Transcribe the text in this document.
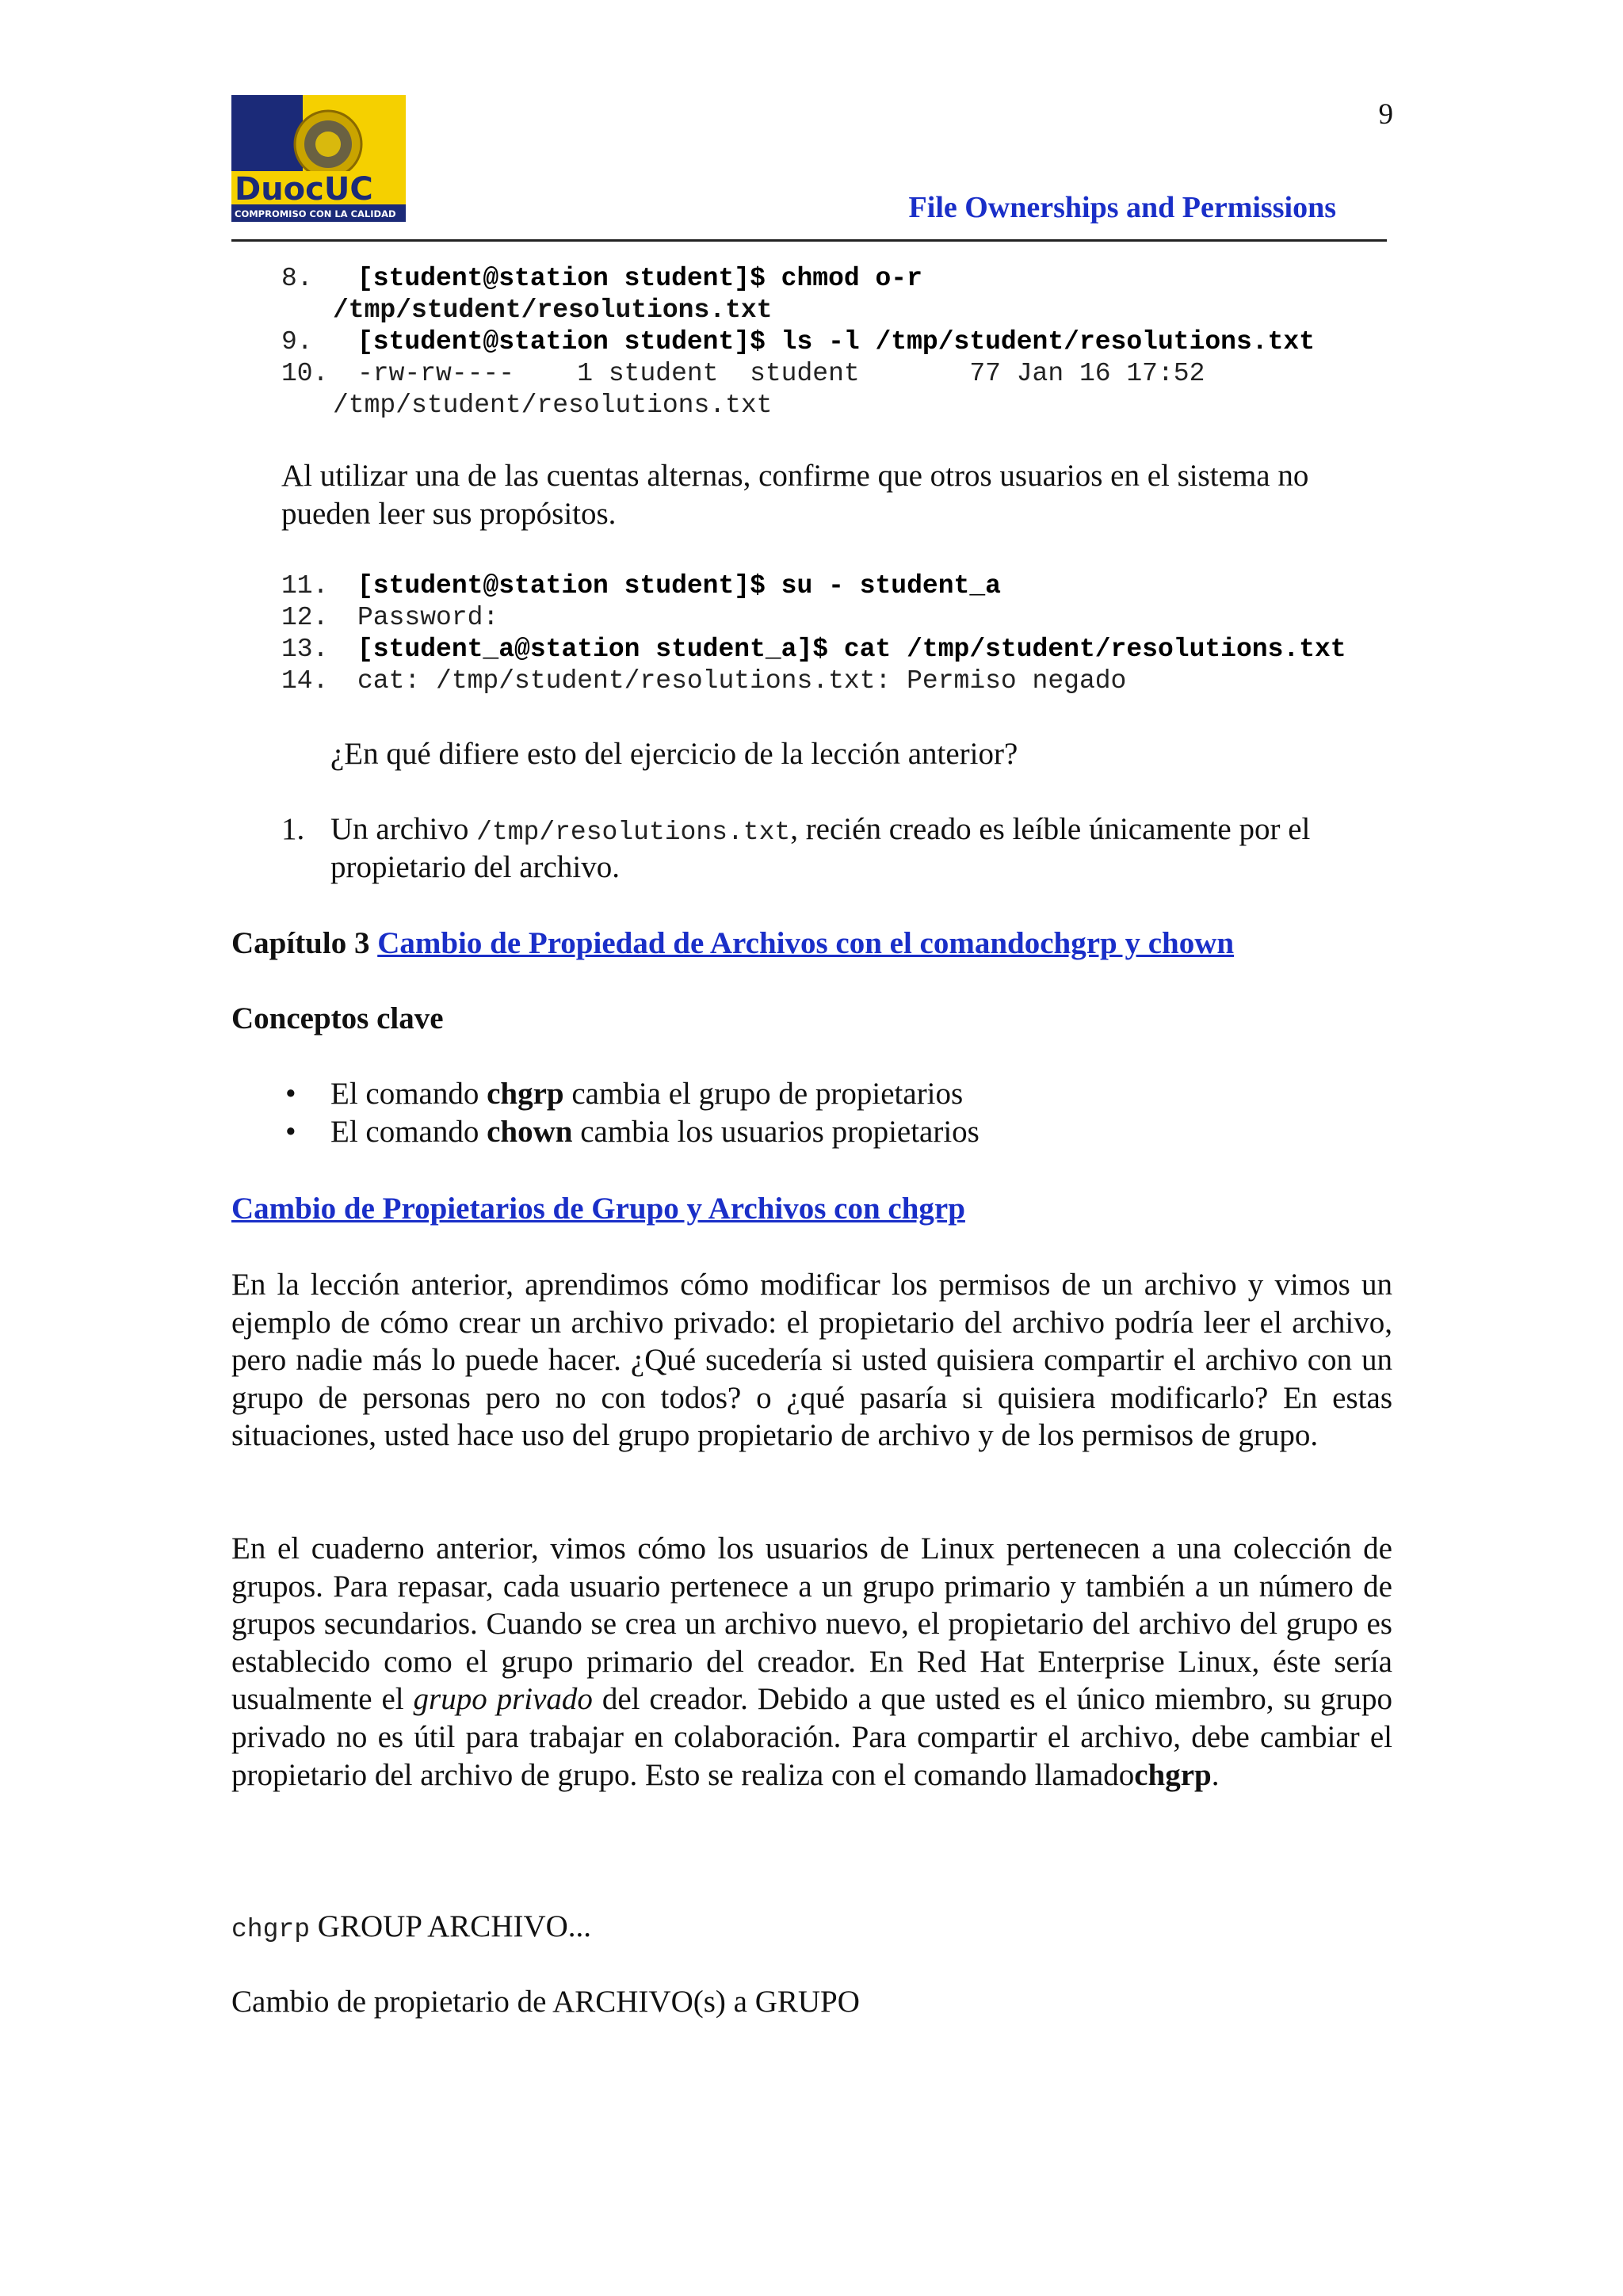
DuocUC
COMPROMISO CON LA CALIDAD
9
File Ownerships and Permissions
8. [student@station student]$ chmod o-r
/tmp/student/resolutions.txt
9. [student@station student]$ ls -l /tmp/student/resolutions.txt
10. -rw-rw----    1 student  student       77 Jan 16 17:52
/tmp/student/resolutions.txt
Al utilizar una de las cuentas alternas, confirme que otros usuarios en el sistema no pueden leer sus propósitos.
11. [student@station student]$ su - student_a
12. Password:
13. [student_a@station student_a]$ cat /tmp/student/resolutions.txt
14. cat: /tmp/student/resolutions.txt: Permiso negado
¿En qué difiere esto del ejercicio de la lección anterior?
1. Un archivo /tmp/resolutions.txt, recién creado es leíble únicamente por el
propietario del archivo.
Capítulo 3 Cambio de Propiedad de Archivos con el comandochgrp y chown
Conceptos clave
• El comando chgrp cambia el grupo de propietarios
• El comando chown cambia los usuarios propietarios
Cambio de Propietarios de Grupo y Archivos con chgrp
En la lección anterior, aprendimos cómo modificar los permisos de un archivo y vimos un ejemplo de cómo crear un archivo privado: el propietario del archivo podría leer el archivo, pero nadie más lo puede hacer. ¿Qué sucedería si usted quisiera compartir el archivo con un grupo de personas pero no con todos? o ¿qué pasaría si quisiera modificarlo? En estas situaciones, usted hace uso del grupo propietario de archivo y de los permisos de grupo.
En el cuaderno anterior, vimos cómo los usuarios de Linux pertenecen a una colección de grupos. Para repasar, cada usuario pertenece a un grupo primario y también a un número de grupos secundarios. Cuando se crea un archivo nuevo, el propietario del archivo del grupo es establecido como el grupo primario del creador. En Red Hat Enterprise Linux, éste sería usualmente el grupo privado del creador. Debido a que usted es el único miembro, su grupo privado no es útil para trabajar en colaboración. Para compartir el archivo, debe cambiar el propietario del archivo de grupo. Esto se realiza con el comando llamadochgrp.
chgrp GROUP ARCHIVO...
Cambio de propietario de ARCHIVO(s) a GRUPO
